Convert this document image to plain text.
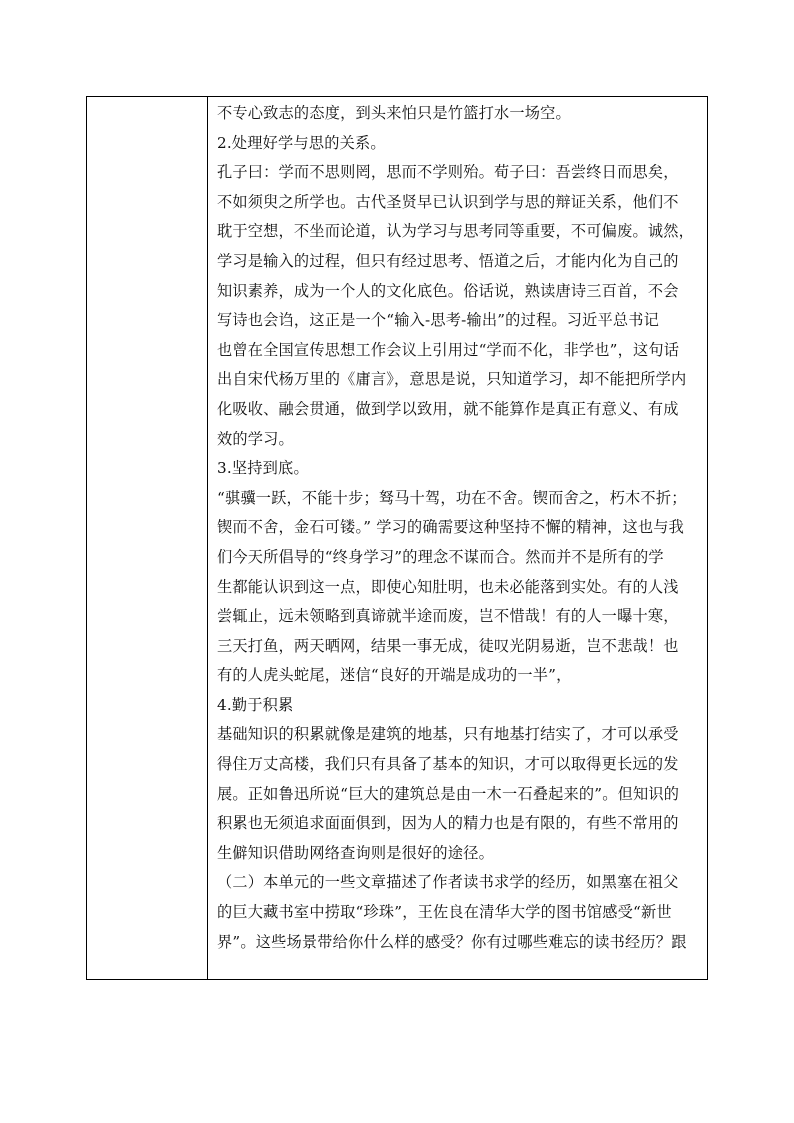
不专心致志的态度，到头来怕只是竹篮打水一场空。
2.处理好学与思的关系。
孔子曰：学而不思则罔，思而不学则殆。荀子曰：吾尝终日而思矣，
不如须臾之所学也。古代圣贤早已认识到学与思的辩证关系，他们不
耽于空想，不坐而论道，认为学习与思考同等重要，不可偏废。诚然，
学习是输入的过程，但只有经过思考、悟道之后，才能内化为自己的
知识素养，成为一个人的文化底色。俗话说，熟读唐诗三百首，不会
写诗也会诌，这正是一个“输入-思考-输出”的过程。习近平总书记
也曾在全国宣传思想工作会议上引用过“学而不化，非学也”，这句话
出自宋代杨万里的《庸言》，意思是说，只知道学习，却不能把所学内
化吸收、融会贯通，做到学以致用，就不能算作是真正有意义、有成
效的学习。
3.坚持到底。
“骐骥一跃，不能十步；驽马十驾，功在不舍。锲而舍之，朽木不折；
锲而不舍，金石可镂。” 学习的确需要这种坚持不懈的精神，这也与我
们今天所倡导的“终身学习”的理念不谋而合。然而并不是所有的学
生都能认识到这一点，即使心知肚明，也未必能落到实处。有的人浅
尝辄止，远未领略到真谛就半途而废，岂不惜哉！有的人一曝十寒，
三天打鱼，两天晒网，结果一事无成，徒叹光阴易逝，岂不悲哉！也
有的人虎头蛇尾，迷信“良好的开端是成功的一半”，
4.勤于积累
基础知识的积累就像是建筑的地基，只有地基打结实了，才可以承受
得住万丈高楼，我们只有具备了基本的知识，才可以取得更长远的发
展。正如鲁迅所说“巨大的建筑总是由一木一石叠起来的”。但知识的
积累也无须追求面面俱到，因为人的精力也是有限的，有些不常用的
生僻知识借助网络查询则是很好的途径。
（二）本单元的一些文章描述了作者读书求学的经历，如黑塞在祖父
的巨大藏书室中捞取“珍珠”，王佐良在清华大学的图书馆感受“新世
界”。这些场景带给你什么样的感受？你有过哪些难忘的读书经历？跟
